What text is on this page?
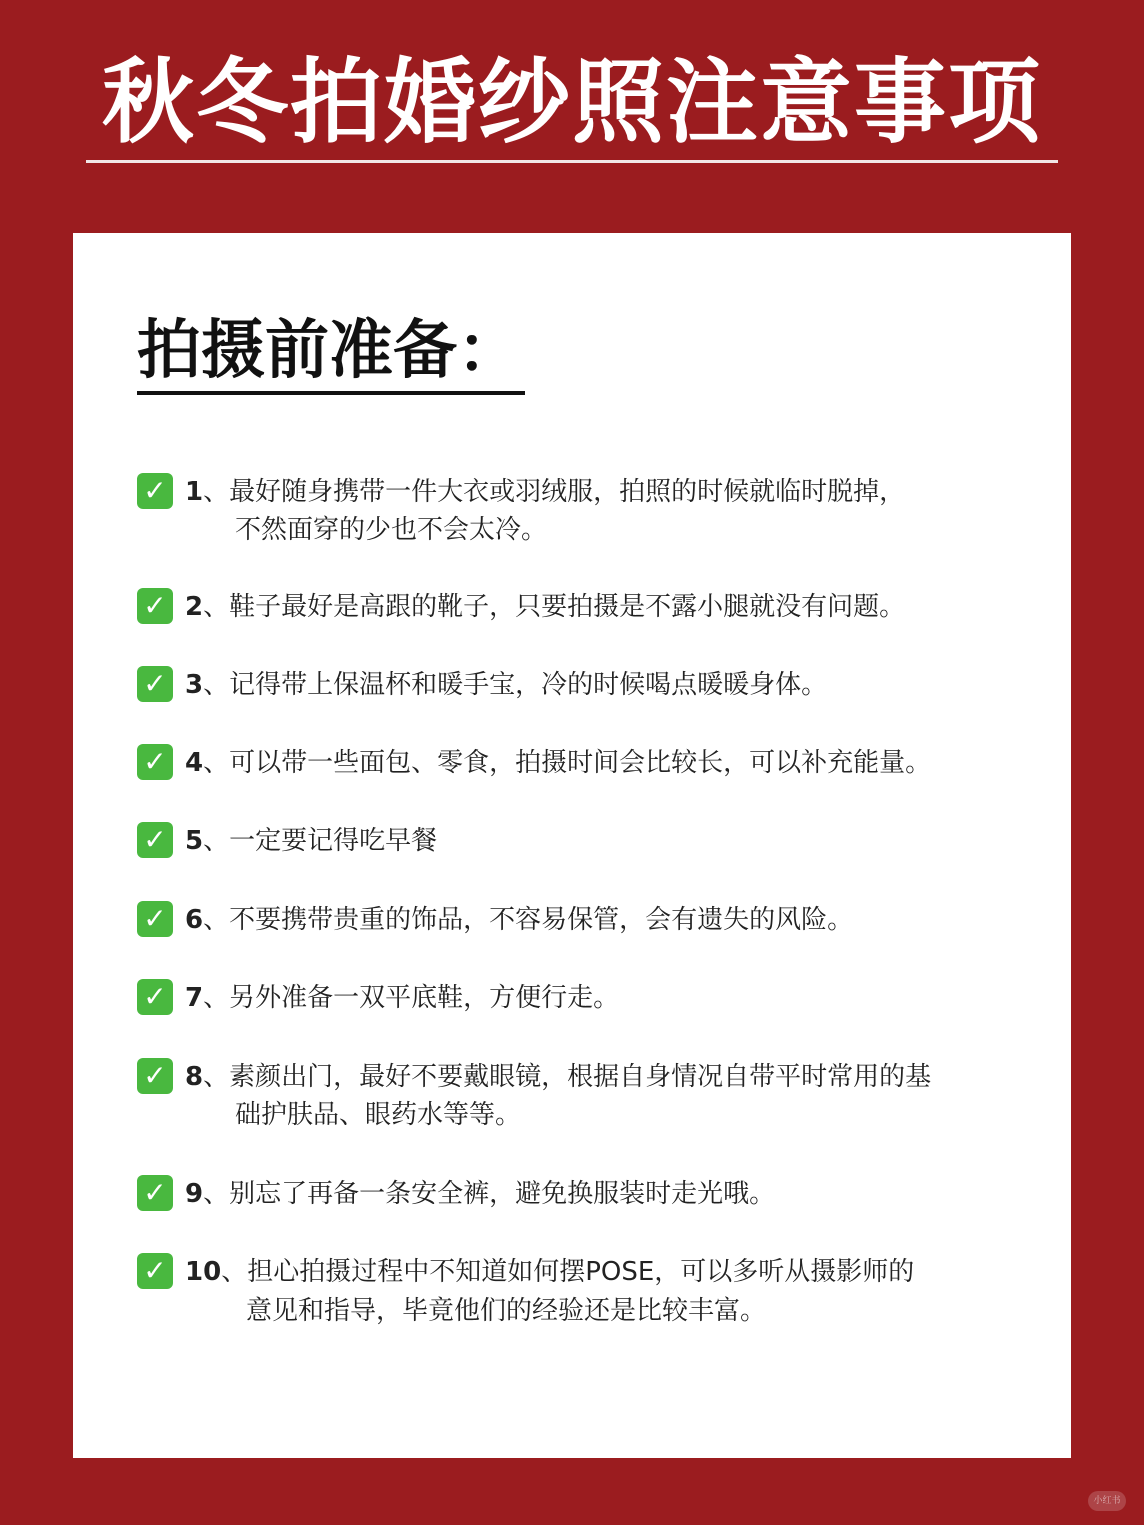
秋冬拍婚纱照注意事项
拍摄前准备：
✓ 1 、最好随身携带一件大衣或羽绒服，拍照的时候就临时脱掉，
不然面穿的少也不会太冷。
✓ 2 、鞋子最好是高跟的靴子，只要拍摄是不露小腿就没有问题。
✓ 3 、记得带上保温杯和暖手宝，冷的时候喝点暖暖身体。
✓ 4 、可以带一些面包、零食，拍摄时间会比较长，可以补充能量。
✓ 5 、一定要记得吃早餐
✓ 6 、不要携带贵重的饰品，不容易保管，会有遗失的风险。
✓ 7 、另外准备一双平底鞋，方便行走。
✓ 8 、素颜出门，最好不要戴眼镜，根据自身情况自带平时常用的基
础护肤品、眼药水等等。
✓ 9 、别忘了再备一条安全裤，避免换服装时走光哦。
✓ 10 、担心拍摄过程中不知道如何摆POSE，可以多听从摄影师的
意见和指导，毕竟他们的经验还是比较丰富。
小红书
